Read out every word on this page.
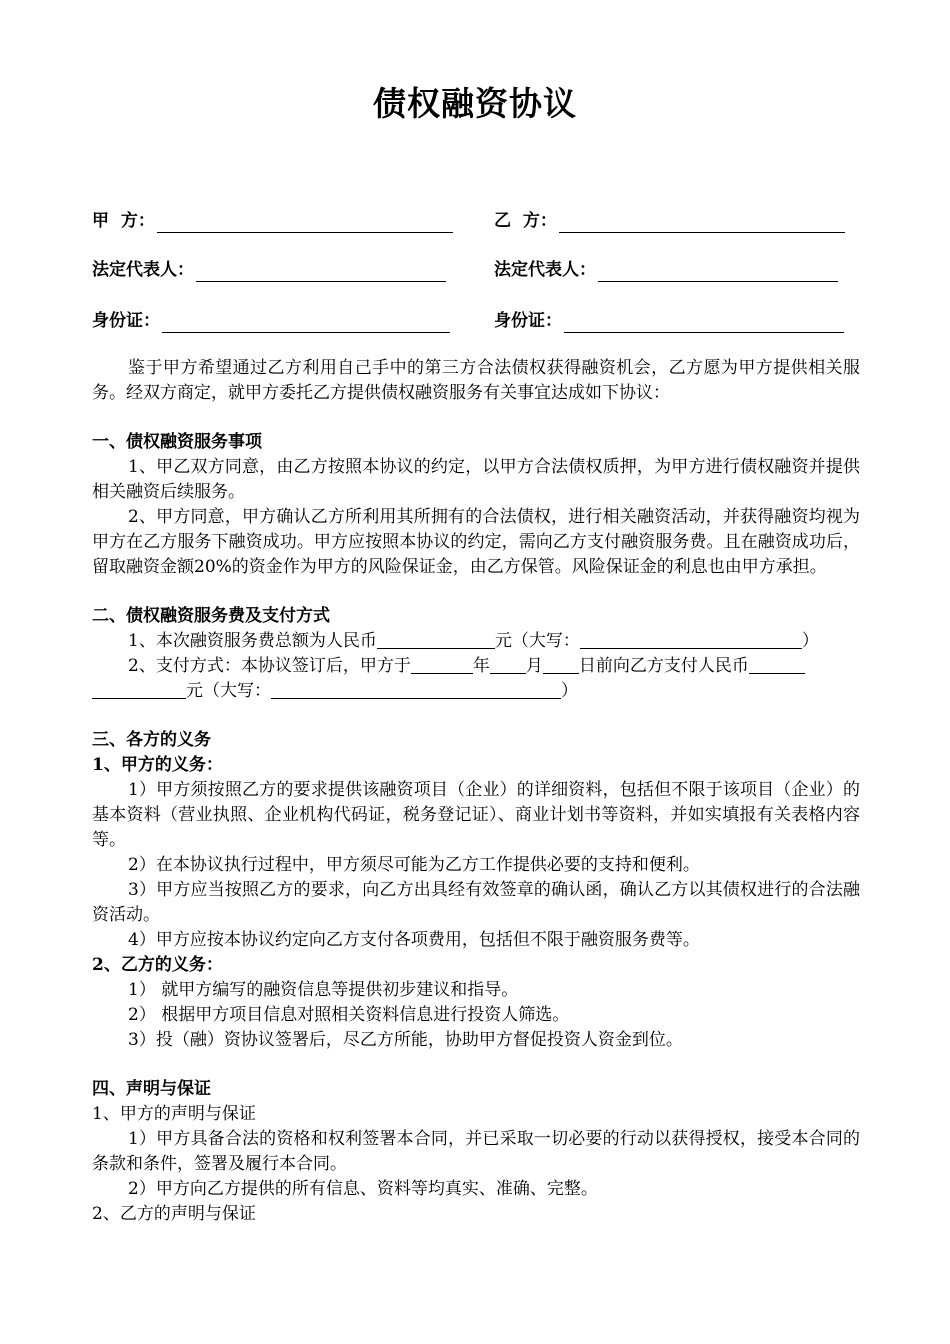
债权融资协议
甲  方：	乙  方：
法定代表人：	法定代表人：
身份证：	身份证：

鉴于甲方希望通过乙方利用自己手中的第三方合法债权获得融资机会，乙方愿为甲方提供相关服务。经双方商定，就甲方委托乙方提供债权融资服务有关事宜达成如下协议：

一、债权融资服务事项

1、甲乙双方同意，由乙方按照本协议的约定，以甲方合法债权质押，为甲方进行债权融资并提供相关融资后续服务。

2、甲方同意，甲方确认乙方所利用其所拥有的合法债权，进行相关融资活动，并获得融资均视为甲方在乙方服务下融资成功。甲方应按照本协议的约定，需向乙方支付融资服务费。且在融资成功后，留取融资金额20%的资金作为甲方的风险保证金，由乙方保管。风险保证金的利息也由甲方承担。

二、债权融资服务费及支付方式

1、本次融资服务费总额为人民币	元（大写：	）

2、支付方式：本协议签订后，甲方于	年 月 日前向乙方支付人民币

元（大写：	）

三、各方的义务

1、甲方的义务：

1）甲方须按照乙方的要求提供该融资项目（企业）的详细资料，包括但不限于该项目（企业）的基本资料（营业执照、企业机构代码证，税务登记证）、商业计划书等资料，并如实填报有关表格内容等。

2）在本协议执行过程中，甲方须尽可能为乙方工作提供必要的支持和便利。

3）甲方应当按照乙方的要求，向乙方出具经有效签章的确认函，确认乙方以其债权进行的合法融资活动。

4）甲方应按本协议约定向乙方支付各项费用，包括但不限于融资服务费等。

2、乙方的义务：

1） 就甲方编写的融资信息等提供初步建议和指导。

2） 根据甲方项目信息对照相关资料信息进行投资人筛选。

3）投（融）资协议签署后，尽乙方所能，协助甲方督促投资人资金到位。

四、声明与保证

1、甲方的声明与保证

1）甲方具备合法的资格和权利签署本合同，并已采取一切必要的行动以获得授权，接受本合同的条款和条件，签署及履行本合同。

2）甲方向乙方提供的所有信息、资料等均真实、准确、完整。

2、乙方的声明与保证
